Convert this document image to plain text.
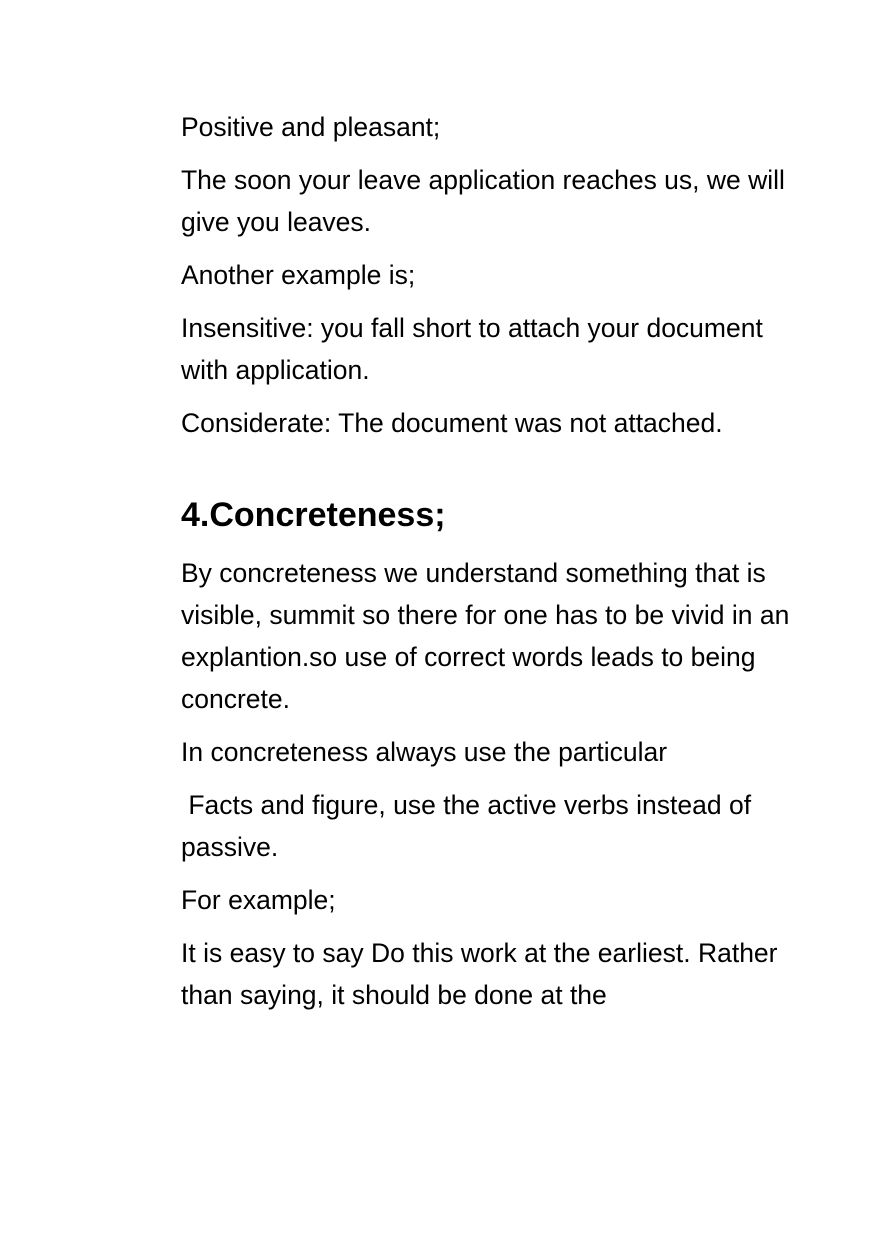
Positive and pleasant;

The soon your leave application reaches us, we will give you leaves.

Another example is;

Insensitive: you fall short to attach your document with application.

Considerate: The document was not attached.

4.Concreteness;

By concreteness we understand something that is visible, summit so there for one has to be vivid in an explantion.so use of correct words leads to being concrete.

In concreteness always use the particular

Facts and figure, use the active verbs instead of passive.

For example;

It is easy to say Do this work at the earliest. Rather than saying, it should be done at the
